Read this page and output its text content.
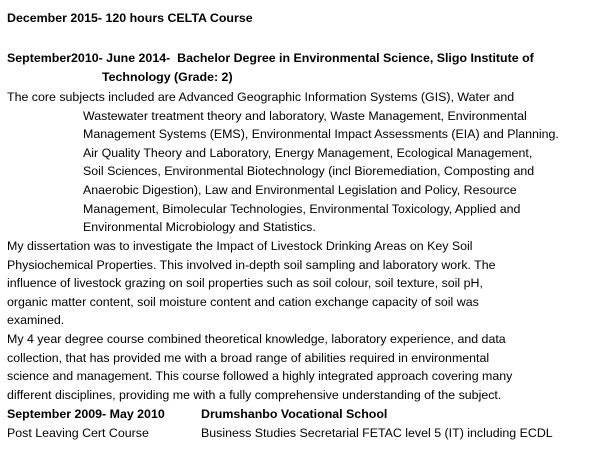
December 2015- 120 hours CELTA Course
September2010- June 2014- Bachelor Degree in Environmental Science, Sligo Institute of
Technology (Grade: 2)
The core subjects included are Advanced Geographic Information Systems (GIS), Water and
Wastewater treatment theory and laboratory, Waste Management, Environmental
Management Systems (EMS), Environmental Impact Assessments (EIA) and Planning.
Air Quality Theory and Laboratory, Energy Management, Ecological Management,
Soil Sciences, Environmental Biotechnology (incl Bioremediation, Composting and
Anaerobic Digestion), Law and Environmental Legislation and Policy, Resource
Management, Bimolecular Technologies, Environmental Toxicology, Applied and
Environmental Microbiology and Statistics.
My dissertation was to investigate the Impact of Livestock Drinking Areas on Key Soil
Physiochemical Properties. This involved in-depth soil sampling and laboratory work. The
influence of livestock grazing on soil properties such as soil colour, soil texture, soil pH,
organic matter content, soil moisture content and cation exchange capacity of soil was
examined.
My 4 year degree course combined theoretical knowledge, laboratory experience, and data
collection, that has provided me with a broad range of abilities required in environmental
science and management. This course followed a highly integrated approach covering many
different disciplines, providing me with a fully comprehensive understanding of the subject.
September 2009- May 2010	Drumshanbo Vocational School
Post Leaving Cert Course	Business Studies Secretarial FETAC level 5 (IT) including ECDL
